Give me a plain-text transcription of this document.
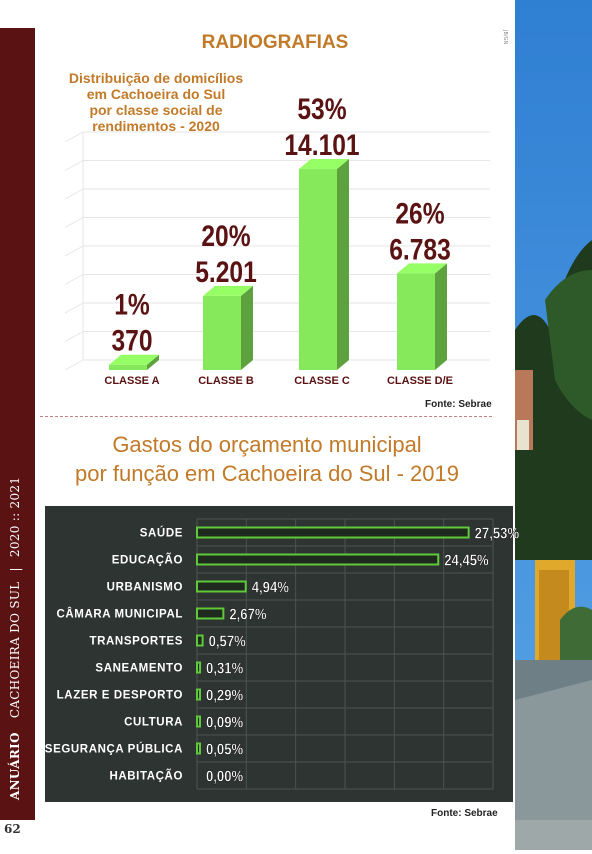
ANUÁRIOCACHOEIRA DO SUL|2020 :: 2021
62
JB/GN
RADIOGRAFIAS
Distribuição de domicílios
em Cachoeira do Sul
por classe social de
rendimentos - 2020
1%
370
CLASSE A
20%
5.201
CLASSE B
53%
14.101
CLASSE C
26%
6.783
CLASSE D/E
Fonte: Sebrae
Gastos do orçamento municipal
por função em Cachoeira do Sul - 2019
SAÚDE	27,53%
EDUCAÇÃO	24,45%
URBANISMO	4,94%
CÂMARA MUNICIPAL	2,67%
TRANSPORTES 0,57%
SANEAMENTO 0,31%
LAZER E DESPORTO 0,29%
CULTURA 0,09%
SEGURANÇA PÚBLICA 0,05%
HABITAÇÃO 0,00%
Fonte: Sebrae
